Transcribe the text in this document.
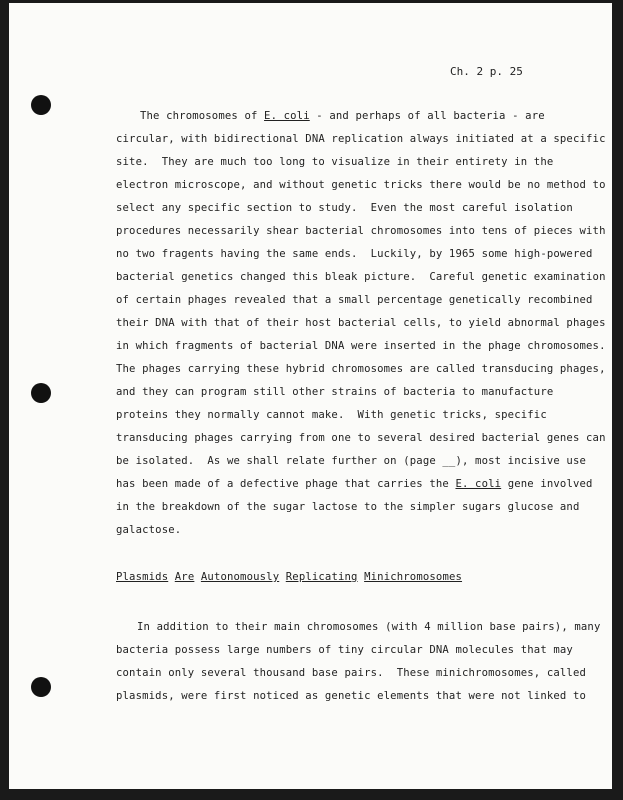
Ch. 2 p. 25
The chromosomes of E. coli - and perhaps of all bacteria - are
circular, with bidirectional DNA replication always initiated at a specific
site.  They are much too long to visualize in their entirety in the
electron microscope, and without genetic tricks there would be no method to
select any specific section to study.  Even the most careful isolation
procedures necessarily shear bacterial chromosomes into tens of pieces with
no two fragents having the same ends.  Luckily, by 1965 some high-powered
bacterial genetics changed this bleak picture.  Careful genetic examination
of certain phages revealed that a small percentage genetically recombined
their DNA with that of their host bacterial cells, to yield abnormal phages
in which fragments of bacterial DNA were inserted in the phage chromosomes.
The phages carrying these hybrid chromosomes are called transducing phages,
and they can program still other strains of bacteria to manufacture
proteins they normally cannot make.  With genetic tricks, specific
transducing phages carrying from one to several desired bacterial genes can
be isolated.  As we shall relate further on (page __), most incisive use
has been made of a defective phage that carries the E. coli gene involved
in the breakdown of the sugar lactose to the simpler sugars glucose and
galactose.
Plasmids Are Autonomously Replicating Minichromosomes
In addition to their main chromosomes (with 4 million base pairs), many
bacteria possess large numbers of tiny circular DNA molecules that may
contain only several thousand base pairs.  These minichromosomes, called
plasmids, were first noticed as genetic elements that were not linked to
